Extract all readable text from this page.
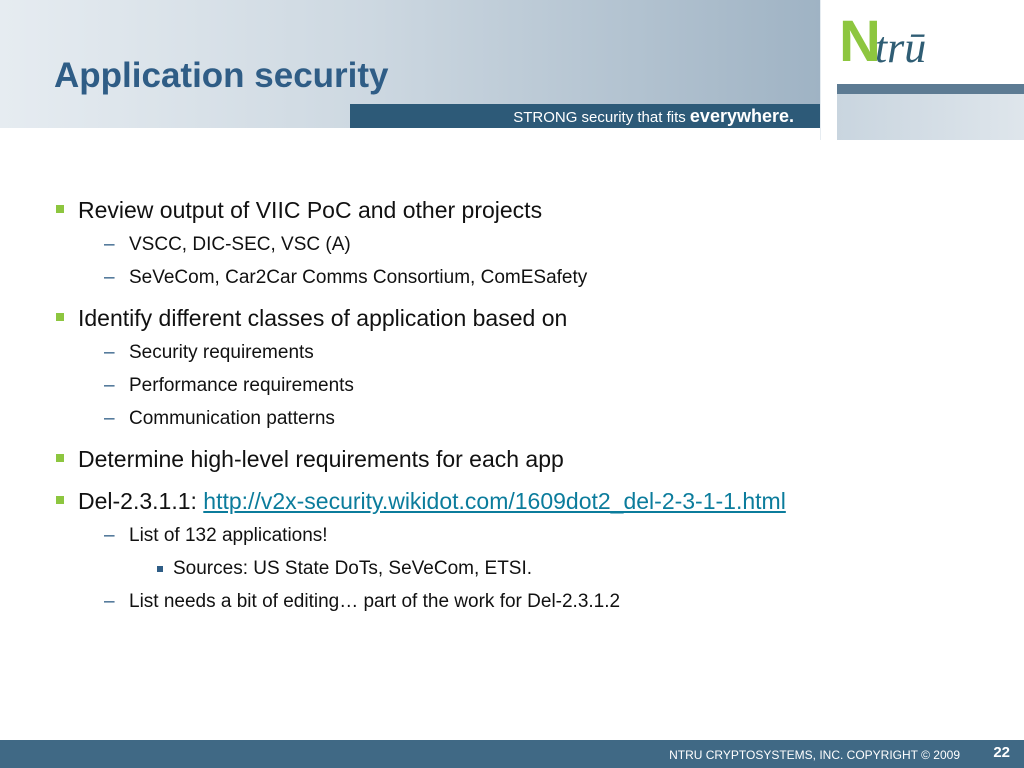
N
trū
Application security
STRONG security that fits everywhere.
Review output of VIIC PoC and other projects
– VSCC, DIC-SEC, VSC (A)
– SeVeCom, Car2Car Comms Consortium, ComESafety
Identify different classes of application based on
– Security requirements
– Performance requirements
– Communication patterns
Determine high-level requirements for each app
Del-2.3.1.1: http://v2x-security.wikidot.com/1609dot2_del-2-3-1-1.html
– List of 132 applications!
Sources: US State DoTs, SeVeCom, ETSI.
– List needs a bit of editing… part of the work for Del-2.3.1.2
NTRU CRYPTOSYSTEMS, INC. COPYRIGHT © 2009 22
